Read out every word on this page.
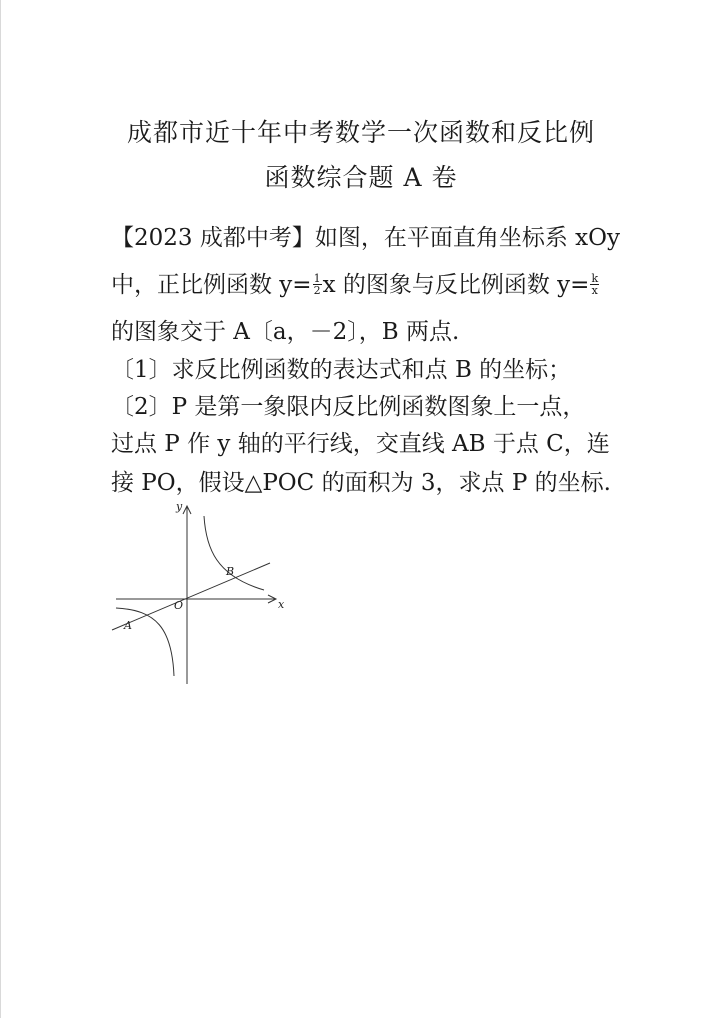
成都市近十年中考数学一次函数和反比例
函数综合题 A 卷
【2023 成都中考】如图，在平面直角坐标系 xOy
中，正比例函数 $y= \frac{1}{2}$ x 的图象与反比例函数 $y= \frac{k}{x}$
的图象交于 A〔a，－2〕，B 两点.
〔1〕求反比例函数的表达式和点 B 的坐标；
〔2〕P 是第一象限内反比例函数图象上一点，
过点 P 作 y 轴的平行线，交直线 AB 于点 C，连
接 PO，假设△POC 的面积为 3，求点 P 的坐标.
x
y
O
A
B
